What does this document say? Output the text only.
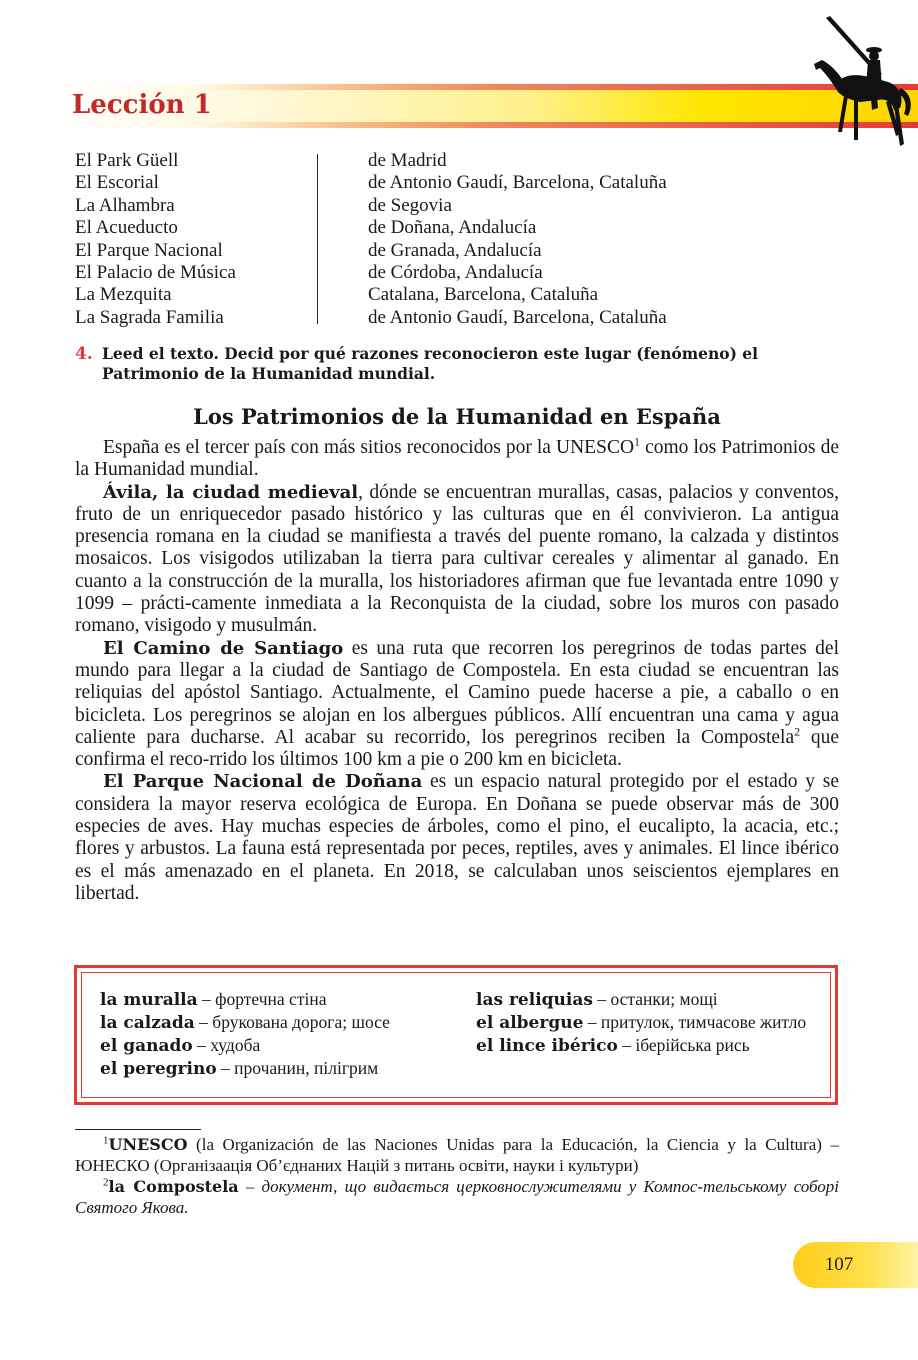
Lección 1
El Park Güell
El Escorial
La Alhambra
El Acueducto
El Parque Nacional
El Palacio de Música
La Mezquita
La Sagrada Familia
de Madrid
de Antonio Gaudí, Barcelona, Cataluña
de Segovia
de Doñana, Andalucía
de Granada, Andalucía
de Córdoba, Andalucía
Catalana, Barcelona, Cataluña
de Antonio Gaudí, Barcelona, Cataluña
4. Leed el texto. Decid por qué razones reconocieron este lugar (fenómeno) el Patrimonio de la Humanidad mundial.
Los Patrimonios de la Humanidad en España

España es el tercer país con más sitios reconocidos por la UNESCO$^1$ como los Patrimonios de la Humanidad mundial.

Ávila, la ciudad medieval, dónde se encuentran murallas, casas, palacios y conventos, fruto de un enriquecedor pasado histórico y las culturas que en él convivieron. La antigua presencia romana en la ciudad se manifiesta a través del puente romano, la calzada y distintos mosaicos. Los visigodos utilizaban la tierra para cultivar cereales y alimentar al ganado. En cuanto a la construcción de la muralla, los historiadores afirman que fue levantada entre 1090 y 1099 – prácti-camente inmediata a la Reconquista de la ciudad, sobre los muros con pasado romano, visigodo y musulmán.

El Camino de Santiago es una ruta que recorren los peregrinos de todas partes del mundo para llegar a la ciudad de Santiago de Compostela. En esta ciudad se encuentran las reliquias del apóstol Santiago. Actualmente, el Camino puede hacerse a pie, a caballo o en bicicleta. Los peregrinos se alojan en los albergues públicos. Allí encuentran una cama y agua caliente para ducharse. Al acabar su recorrido, los peregrinos reciben la Compostela$^2$ que confirma el reco-rrido los últimos 100 km a pie o 200 km en bicicleta.

El Parque Nacional de Doñana es un espacio natural protegido por el estado y se considera la mayor reserva ecológica de Europa. En Doñana se puede observar más de 300 especies de aves. Hay muchas especies de árboles, como el pino, el eucalipto, la acacia, etc.; flores y arbustos. La fauna está representada por peces, reptiles, aves y animales. El lince ibérico es el más amenazado en el planeta. En 2018, se calculaban unos seiscientos ejemplares en libertad.

la muralla – фортечна стіна
la calzada – брукована дорога; шосе
el ganado – худоба
el peregrino – прочанин, пілігрим
las reliquias – останки; мощі
el albergue – притулок, тимчасове житло
el lince ibérico – іберійська рись

$^1$UNESCO (la Organización de las Naciones Unidas para la Educación, la Ciencia y la Cultura) – ЮНЕСКО (Організаація Об’єднаних Націй з питань освіти, науки і культури)

$^2$la Compostela – документ, що видається церковнослужителями у Компос-тельському соборі Святого Якова.

107
